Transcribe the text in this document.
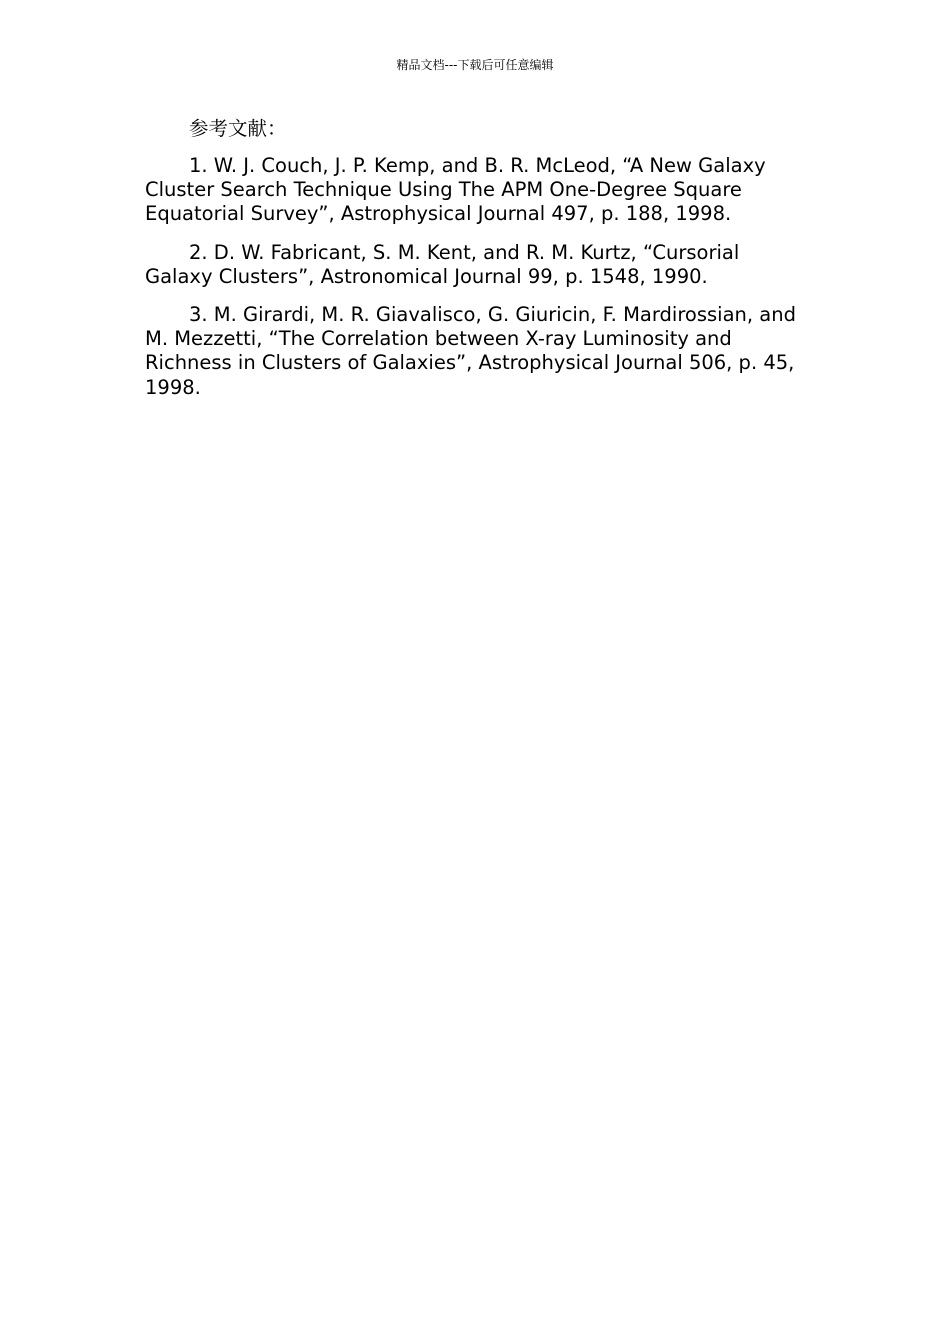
精品文档---下载后可任意编辑

参考文献：

1. W. J. Couch, J. P. Kemp, and B. R. McLeod, “A New Galaxy Cluster Search Technique Using The APM One-Degree Square Equatorial Survey”, Astrophysical Journal 497, p. 188, 1998.
2. D. W. Fabricant, S. M. Kent, and R. M. Kurtz, “Cursorial Galaxy Clusters”, Astronomical Journal 99, p. 1548, 1990.
3. M. Girardi, M. R. Giavalisco, G. Giuricin, F. Mardirossian, and M. Mezzetti, “The Correlation between X-ray Luminosity and Richness in Clusters of Galaxies”, Astrophysical Journal 506, p. 45, 1998.
